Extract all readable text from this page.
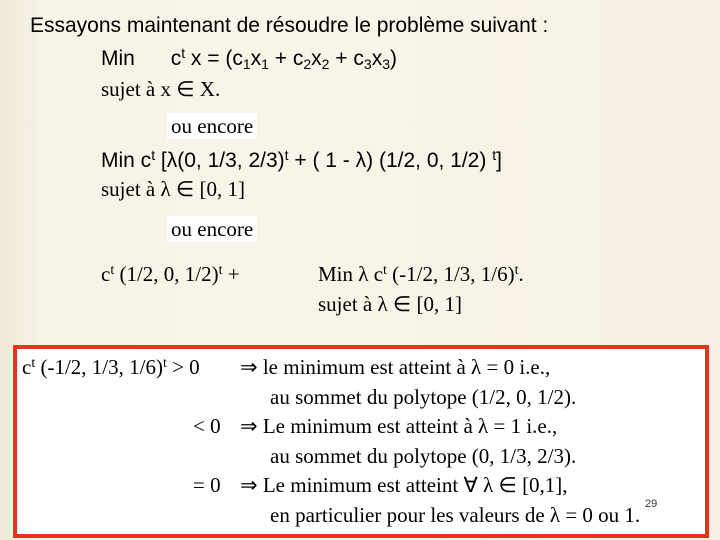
Essayons maintenant de résoudre le problème suivant :
Min $c^t$ $x = (c_1x_1 + c_2x_2 + c_3x_3)$
sujet à x ∈ X.
ou encore
Min $c^t$ [λ(0, 1/3, 2/3)$^t$ + ( 1 - λ) (1/2, 0, 1/2) $^t$]
sujet à λ ∈ [0, 1]
ou encore
$c^t$ (1/2, 0, 1/2)$^t$ +	Min λ $c^t$ (-1/2, 1/3, 1/6)$^t$.
sujet à λ ∈ [0, 1]
$c^t$ (-1/2, 1/3, 1/6)$^t$ > 0 ⇒ le minimum est atteint à λ = 0 i.e.,
au sommet du polytope (1/2, 0, 1/2).
< 0 ⇒ Le minimum est atteint à λ = 1 i.e.,
au sommet du polytope (0, 1/3, 2/3).
= 0 ⇒ Le minimum est atteint ∀ λ ∈ [0,1],
en particulier pour les valeurs de λ = 0 ou 1. 29
